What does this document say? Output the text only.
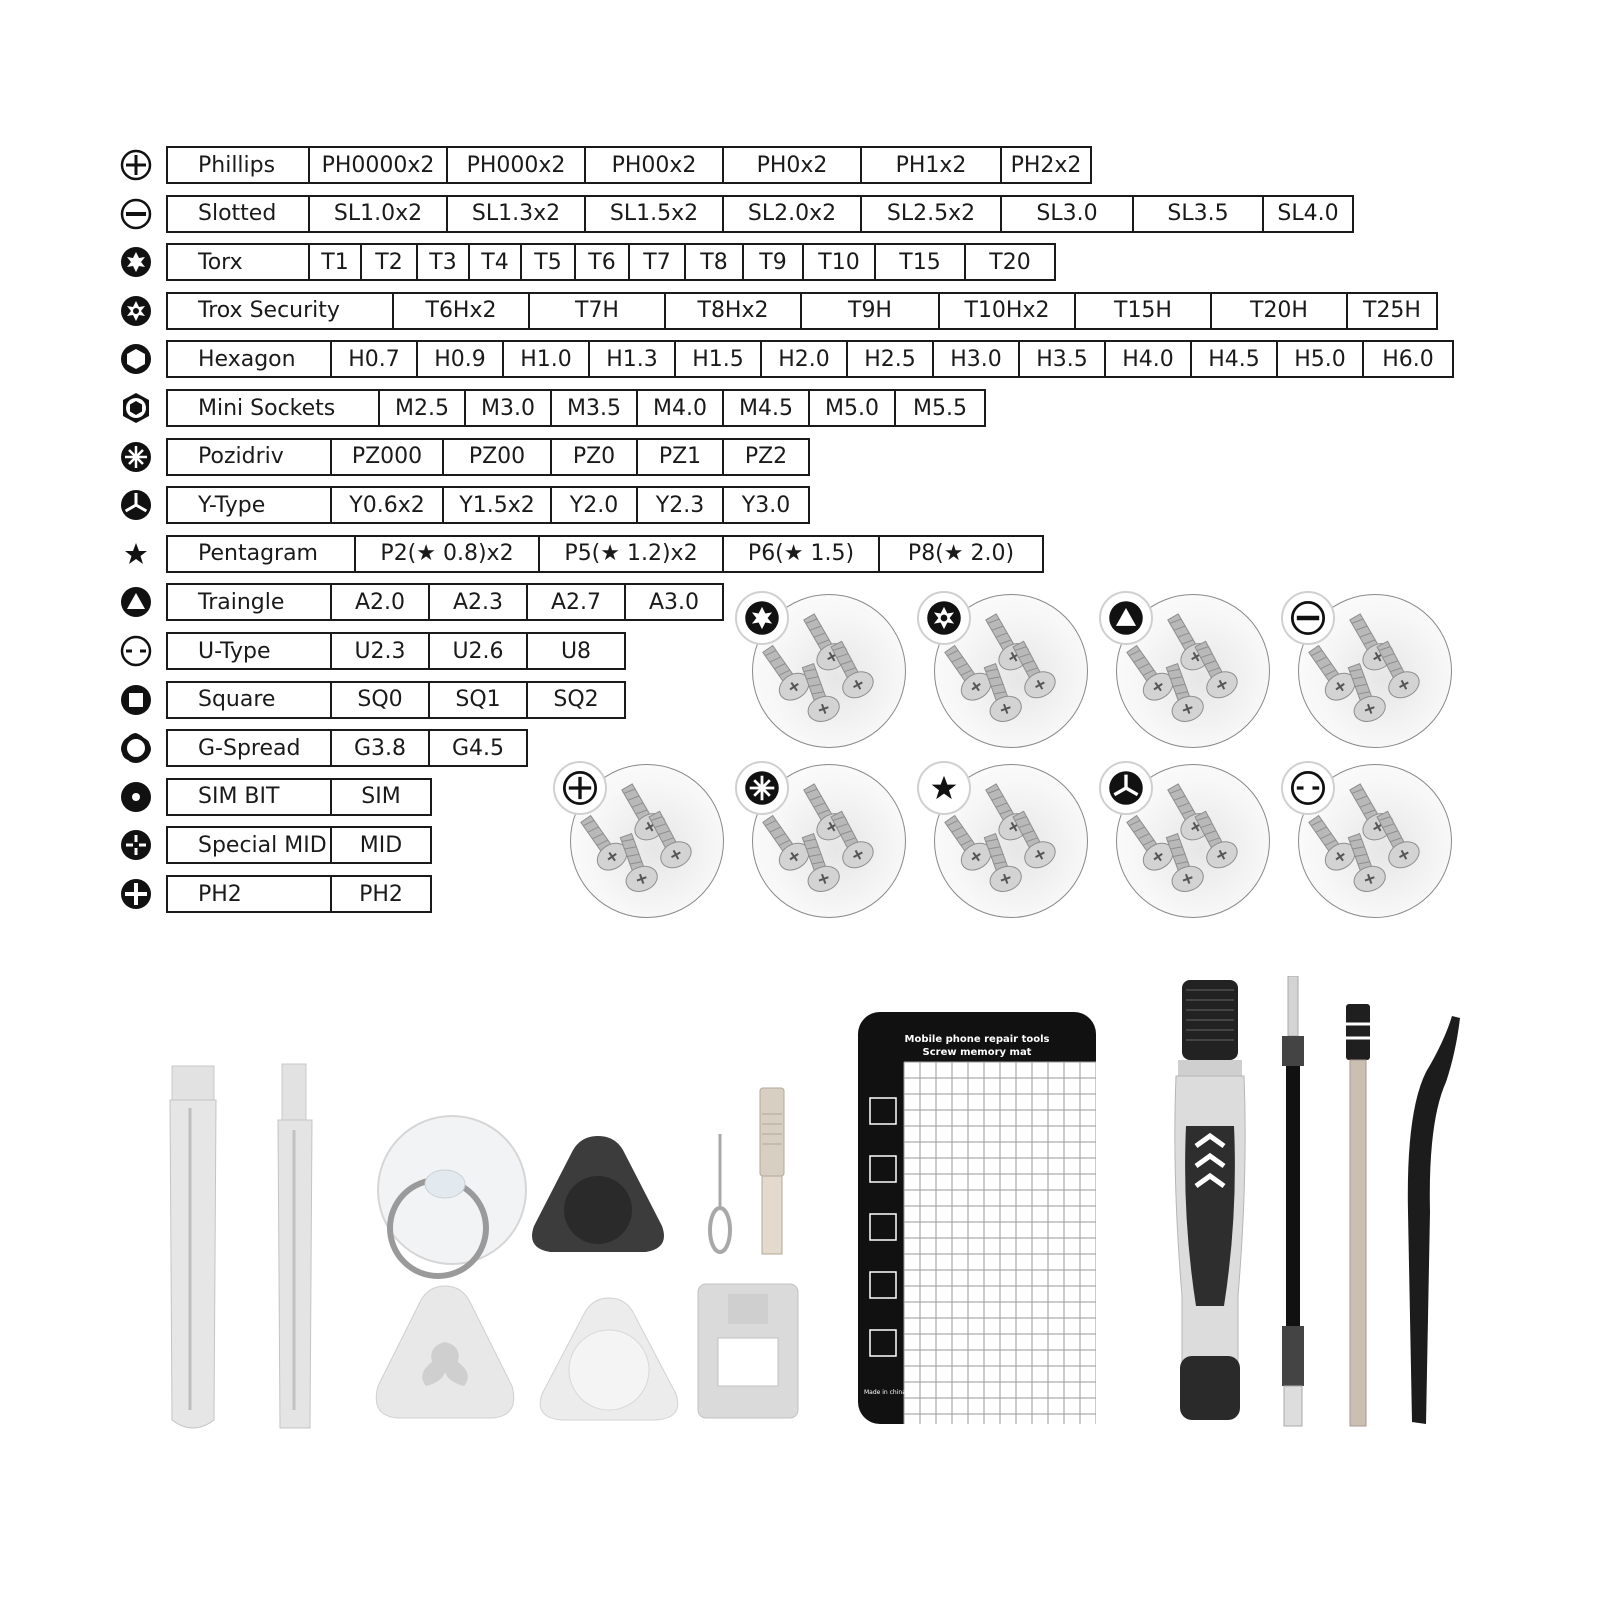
Phillips	PH0000x2	PH000x2	PH00x2	PH0x2	PH1x2	PH2x2
Slotted	SL1.0x2	SL1.3x2	SL1.5x2	SL2.0x2	SL2.5x2	SL3.0	SL3.5	SL4.0
Torx	T1	T2	T3	T4	T5	T6	T7	T8	T9	T10	T15	T20
Trox Security	T6Hx2	T7H	T8Hx2	T9H	T10Hx2	T15H	T20H	T25H
Hexagon	H0.7	H0.9	H1.0	H1.3	H1.5	H2.0	H2.5	H3.0	H3.5	H4.0	H4.5	H5.0	H6.0
Mini Sockets	M2.5	M3.0	M3.5	M4.0	M4.5	M5.0	M5.5
Pozidriv	PZ000	PZ00	PZ0	PZ1	PZ2
Y-Type	Y0.6x2	Y1.5x2	Y2.0	Y2.3	Y3.0
Pentagram	P2(★ 0.8)x2	P5(★ 1.2)x2	P6(★ 1.5)	P8(★ 2.0)
Traingle	A2.0	A2.3	A2.7	A3.0
U-Type	U2.3	U2.6	U8
Square	SQ0	SQ1	SQ2
G-Spread	G3.8	G4.5
SIM BIT	SIM
Special MID	MID
PH2	PH2
Mobile phone repair tools
Screw memory mat
Made in china
